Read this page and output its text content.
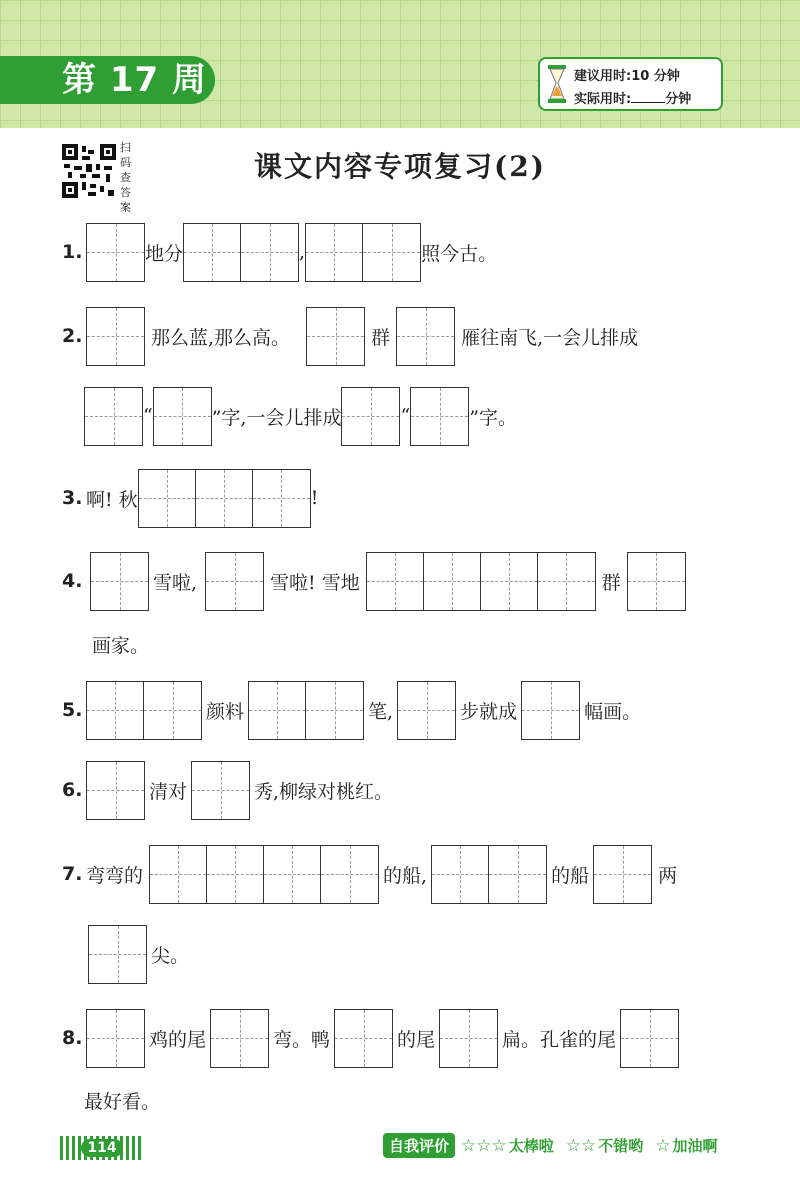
第 17 周	建议用时:10 分钟
实际用时:	分钟
扫码查答案
课文内容专项复习(2)
1.	地分	,	照今古。
2.	那么蓝,那么高。	群	雁往南飞,一会儿排成
“	”字,一会儿排成	“	”字。
3. 啊! 秋	!
4.	雪啦,	雪啦! 雪地	群
画家。
5.	颜料	笔,	步就成	幅画。
6.	清对	秀,柳绿对桃红。
7. 弯弯的	的船,	的船	两
尖。
8.	鸡的尾	弯。鸭	的尾	扁。孔雀的尾
最好看。
114	自我评价 ☆☆☆ 太棒啦 ☆☆ 不错哟 ☆ 加油啊
